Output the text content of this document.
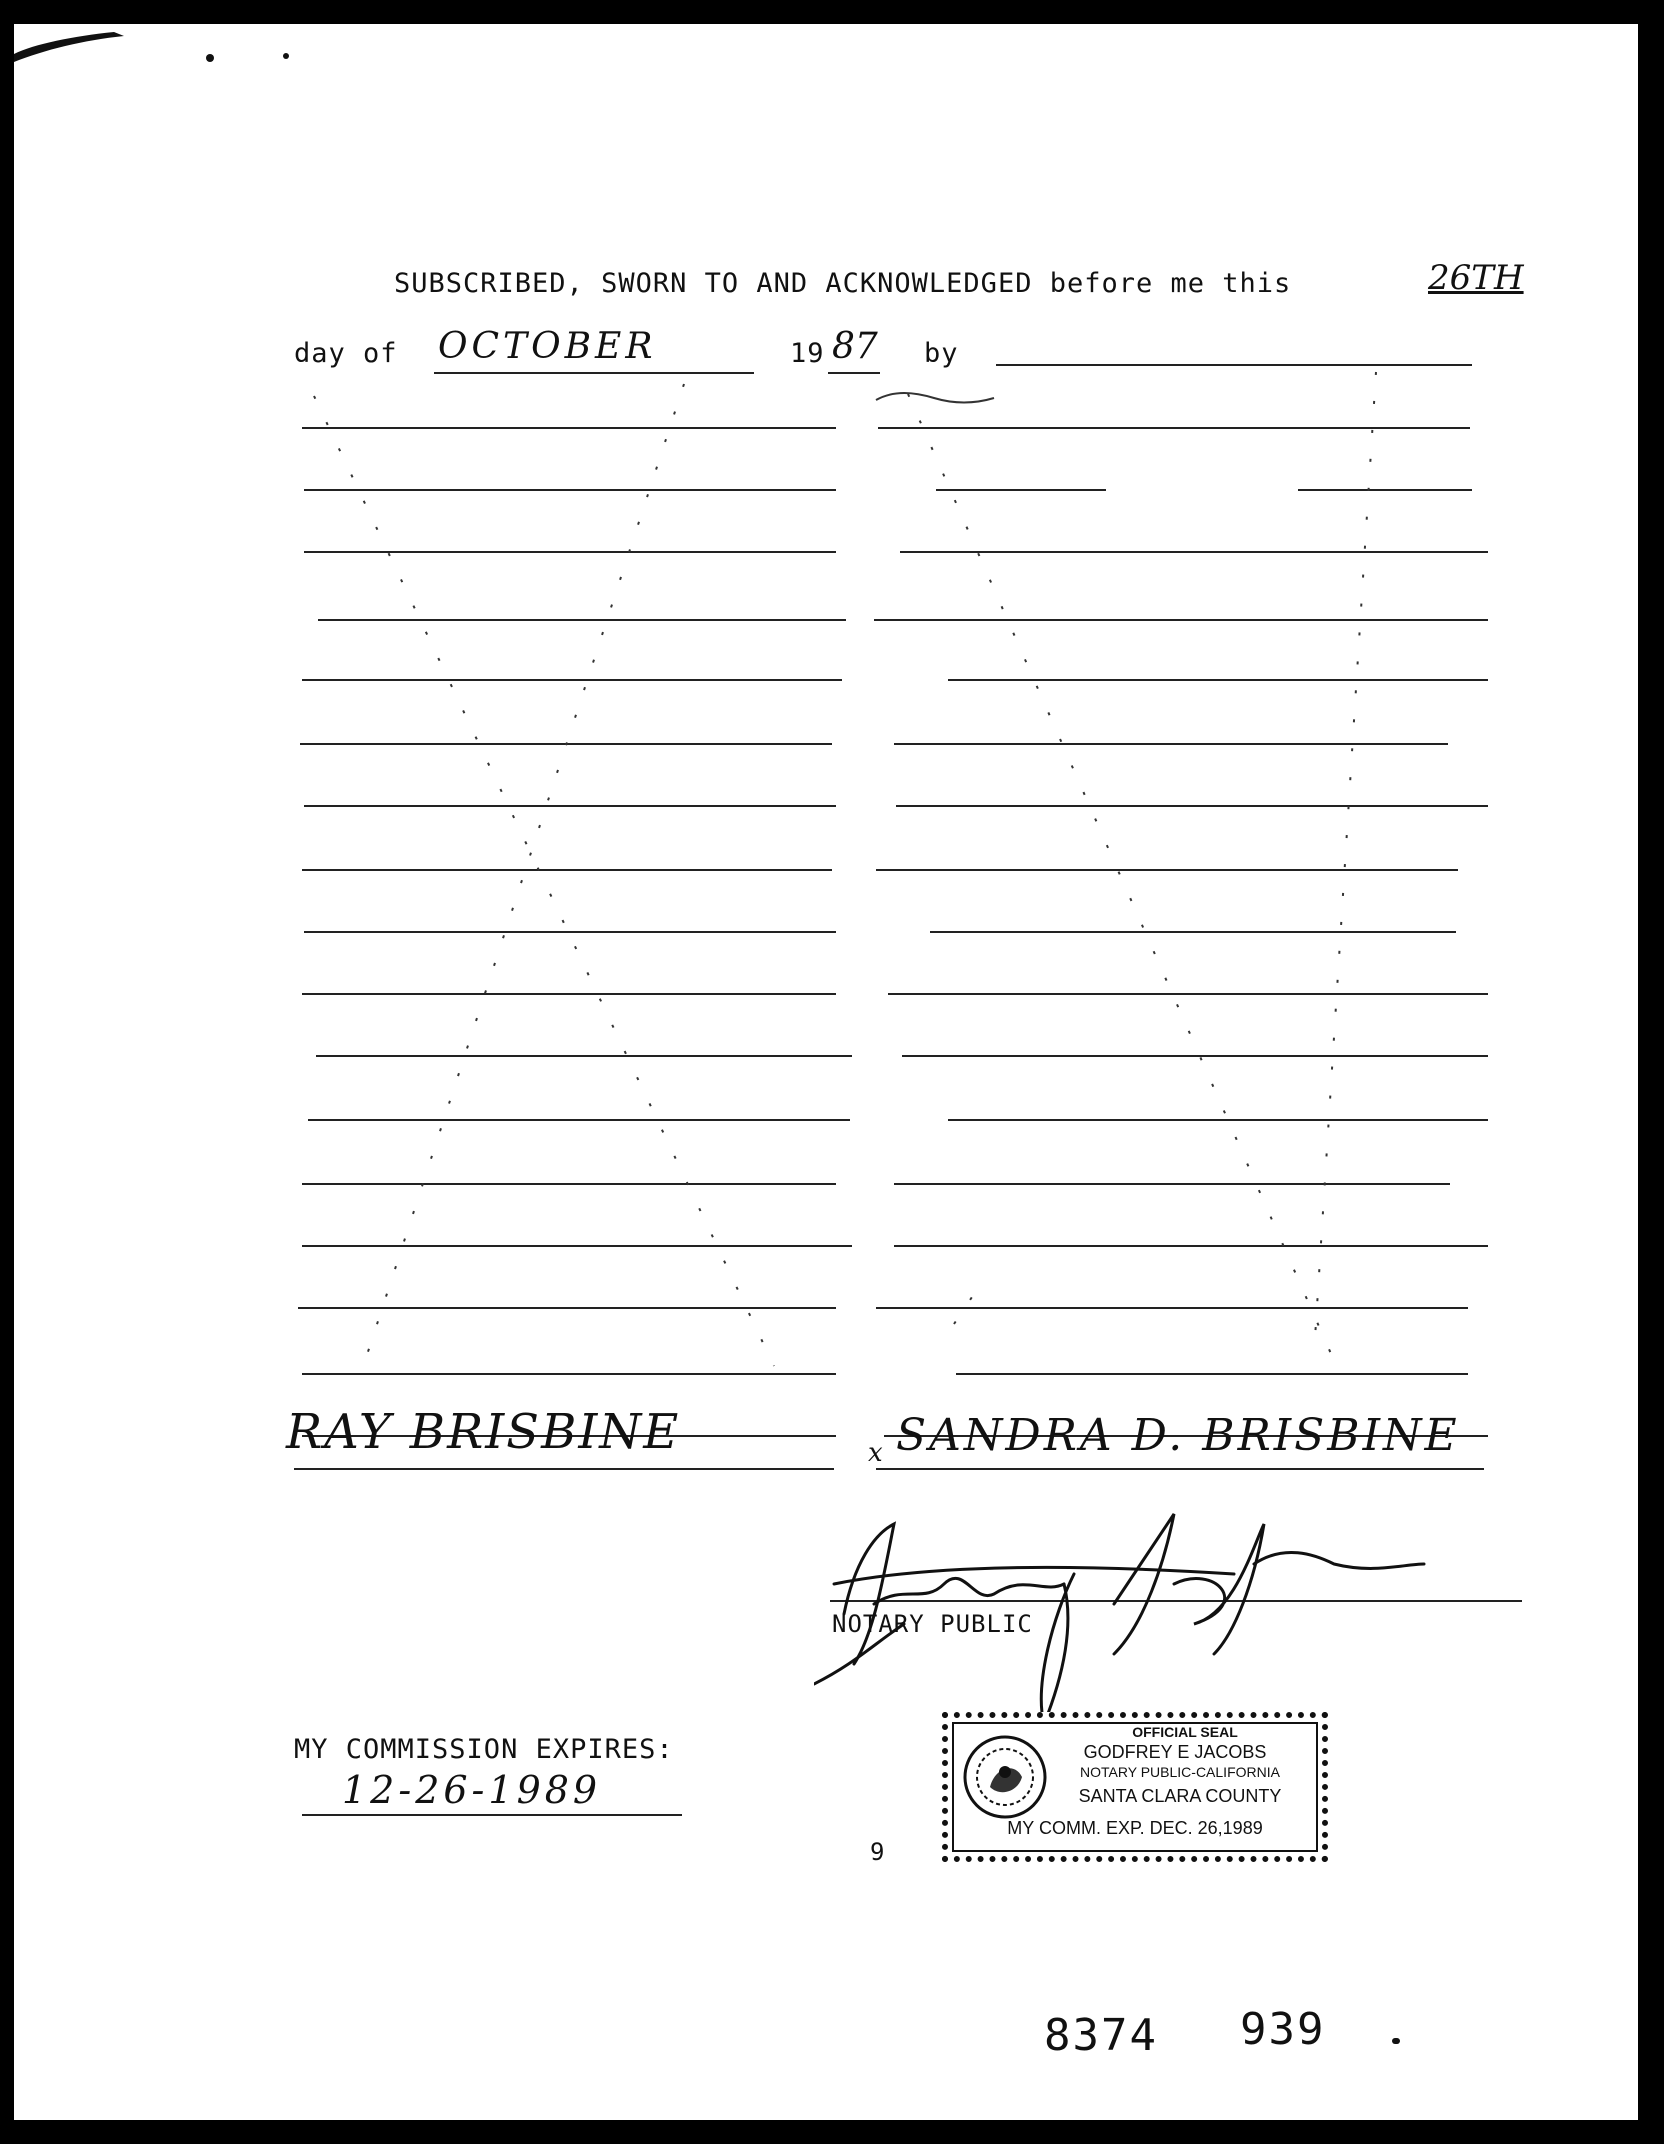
SUBSCRIBED, SWORN TO AND ACKNOWLEDGED before me this	26TH
day of OCTOBER	19 87 by
RAY BRISBINE	x SANDRA D. BRISBINE
NOTARY PUBLIC
MY COMMISSION EXPIRES:
12-26-1989
OFFICIAL SEAL
GODFREY E JACOBS
NOTARY PUBLIC-CALIFORNIA
SANTA CLARA COUNTY
MY COMM. EXP. DEC. 26,1989
9
8374 939
